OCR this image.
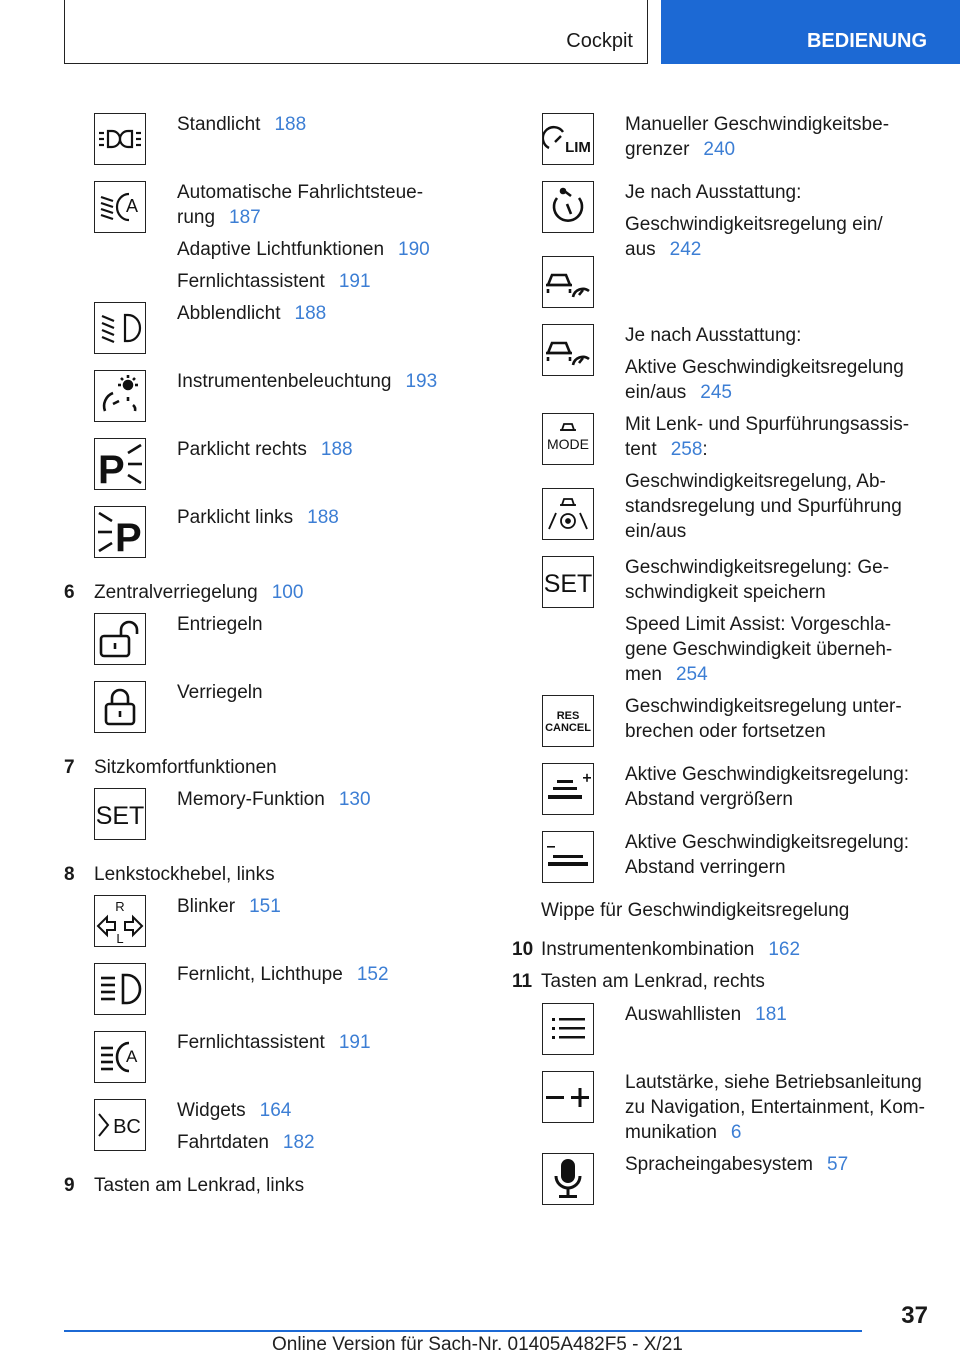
Cockpit	BEDIENUNG
Standlicht 188
A
Automatische Fahrlichtsteue-
rung 187
Adaptive Lichtfunktionen 190
Fernlichtassistent 191
Abblendlicht 188
Instrumentenbeleuchtung 193
P	Parklicht rechts 188
P Parklicht links 188
6 Zentralverriegelung 100
Entriegeln
Verriegeln
7 Sitzkomfortfunktionen
SET
Memory-Funktion 130
8 Lenkstockhebel, links
R
L
Blinker 151
Fernlicht, Lichthupe 152
A
Fernlichtassistent 191
BC
Widgets 164
Fahrtdaten 182
9 Tasten am Lenkrad, links
LIM
Manueller Geschwindigkeitsbe-
grenzer 240
Je nach Ausstattung:
Geschwindigkeitsregelung ein/
aus 242
Je nach Ausstattung:
Aktive Geschwindigkeitsregelung
ein/aus 245
MODE
Mit Lenk- und Spurführungsassis-
tent 258:
Geschwindigkeitsregelung, Ab-
standsregelung und Spurführung
ein/aus
SET
Geschwindigkeitsregelung: Ge-
schwindigkeit speichern
Speed Limit Assist: Vorgeschla-
gene Geschwindigkeit überneh-
men 254
RES
CANCEL
Geschwindigkeitsregelung unter-
brechen oder fortsetzen
Aktive Geschwindigkeitsregelung:
Abstand vergrößern
Aktive Geschwindigkeitsregelung:
Abstand verringern
Wippe für Geschwindigkeitsregelung
10 Instrumentenkombination 162
11 Tasten am Lenkrad, rechts
Auswahllisten 181
Lautstärke, siehe Betriebsanleitung
zu Navigation, Entertainment, Kom-
munikation 6
Spracheingabesystem 57
37
Online Version für Sach-Nr. 01405A482F5 - X/21
